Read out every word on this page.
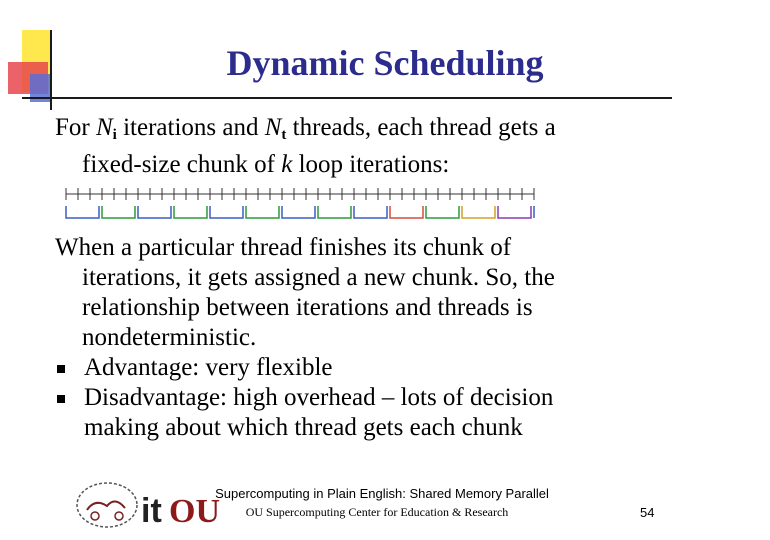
Dynamic Scheduling

For $N_i$ iterations and $N_t$ threads, each thread gets a
fixed-size chunk of k loop iterations:

When a particular thread finishes its chunk of
iterations, it gets assigned a new chunk. So, the
relationship between iterations and threads is
nondeterministic.
Advantage: very flexible
Disadvantage: high overhead – lots of decision
making about which thread gets each chunk
it OU
Supercomputing in Plain English: Shared Memory Parallel
OU Supercomputing Center for Education & Research	54
